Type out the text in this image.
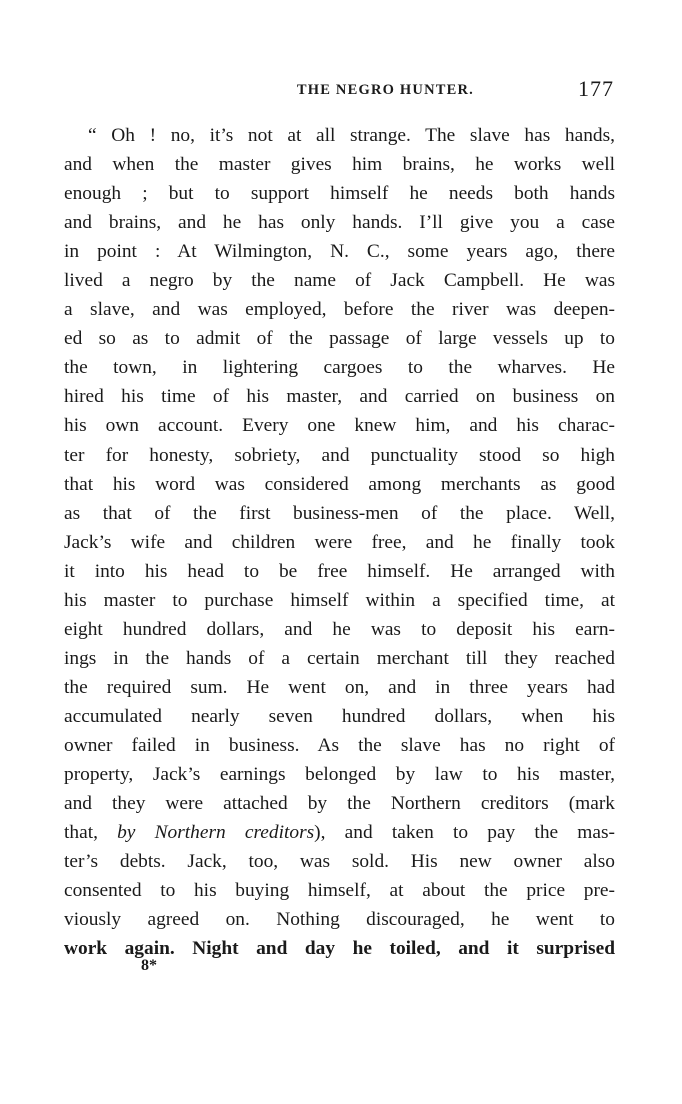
THE NEGRO HUNTER.	177
“ Oh ! no, it’s not at all strange. The slave has hands,
and when the master gives him brains, he works well
enough ; but to support himself he needs both hands
and brains, and he has only hands. I’ll give you a case
in point : At Wilmington, N. C., some years ago, there
lived a negro by the name of Jack Campbell. He was
a slave, and was employed, before the river was deepen-
ed so as to admit of the passage of large vessels up to
the town, in lightering cargoes to the wharves. He
hired his time of his master, and carried on business on
his own account. Every one knew him, and his charac-
ter for honesty, sobriety, and punctuality stood so high
that his word was considered among merchants as good
as that of the first business-men of the place. Well,
Jack’s wife and children were free, and he finally took
it into his head to be free himself. He arranged with
his master to purchase himself within a specified time, at
eight hundred dollars, and he was to deposit his earn-
ings in the hands of a certain merchant till they reached
the required sum. He went on, and in three years had
accumulated nearly seven hundred dollars, when his
owner failed in business. As the slave has no right of
property, Jack’s earnings belonged by law to his master,
and they were attached by the Northern creditors (mark
that, by Northern creditors), and taken to pay the mas-
ter’s debts. Jack, too, was sold. His new owner also
consented to his buying himself, at about the price pre-
viously agreed on. Nothing discouraged, he went to
work again. Night and day he toiled, and it surprised
8*
